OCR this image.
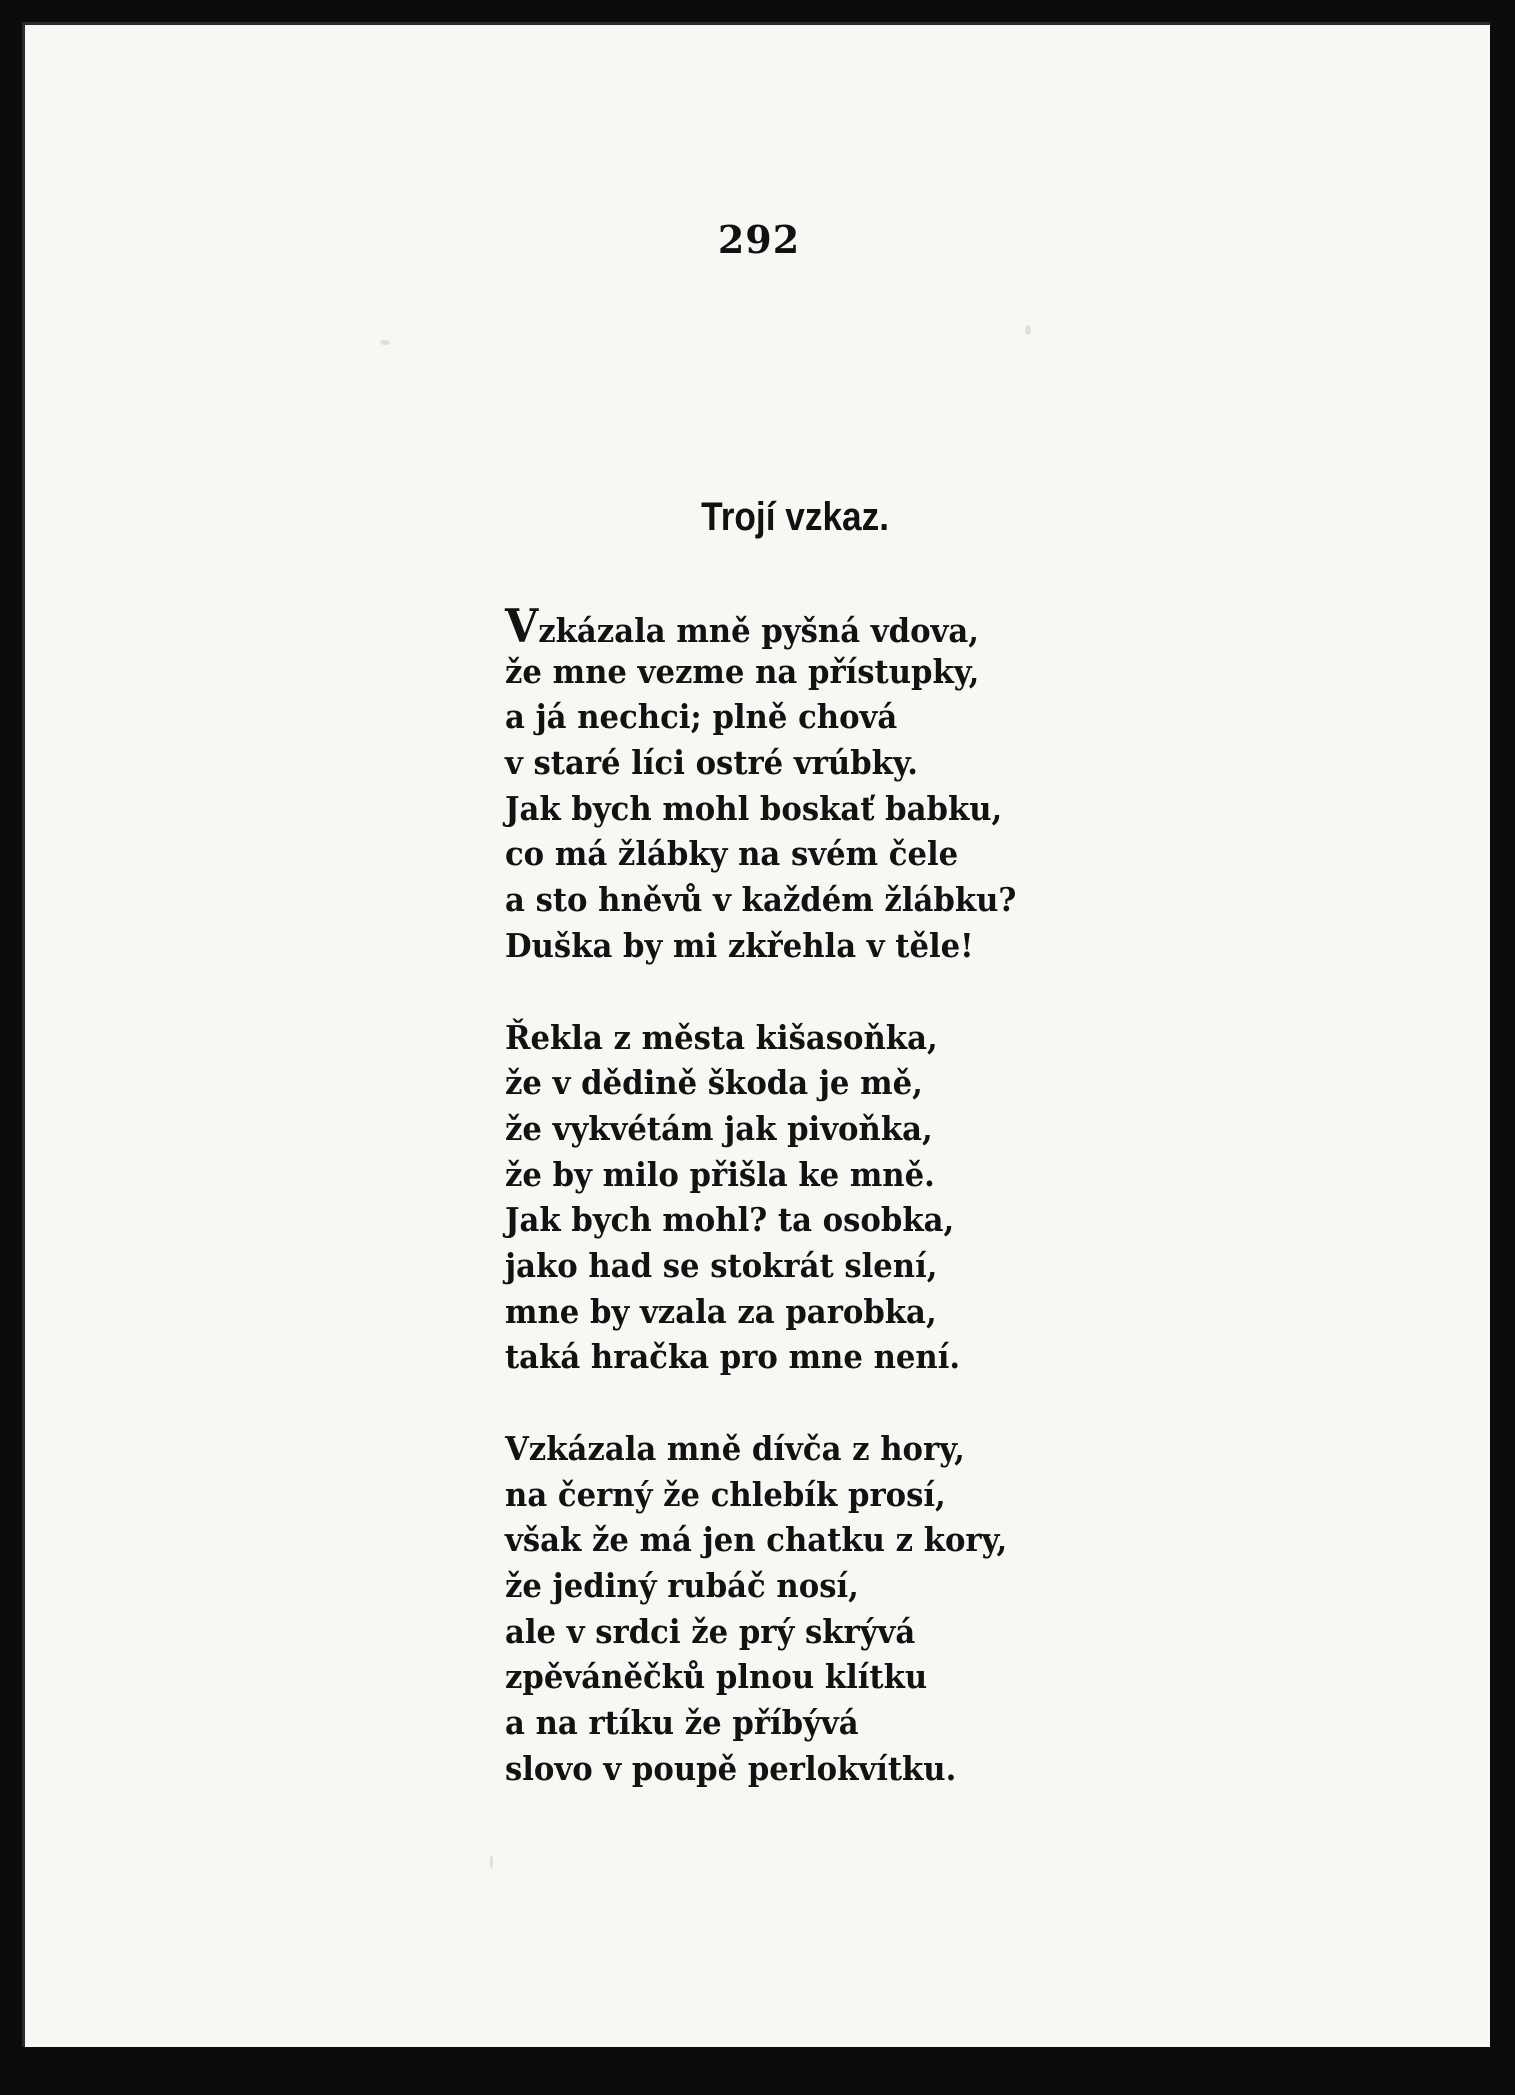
292
Trojí vzkaz.
Vzkázala mně pyšná vdova,
že mne vezme na přístupky,
a já nechci; plně chová
v staré líci ostré vrúbky.
Jak bych mohl boskať babku,
co má žlábky na svém čele
a sto hněvů v každém žlábku?
Duška by mi zkřehla v těle!
Řekla z města kišasoňka,
že v dědině škoda je mě,
že vykvétám jak pivoňka,
že by milo přišla ke mně.
Jak bych mohl? ta osobka,
jako had se stokrát slení,
mne by vzala za parobka,
taká hračka pro mne není.
Vzkázala mně dívča z hory,
na černý že chlebík prosí,
však že má jen chatku z kory,
že jediný rubáč nosí,
ale v srdci že prý skrývá
zpěváněčků plnou klítku
a na rtíku že příbývá
slovo v poupě perlokvítku.
